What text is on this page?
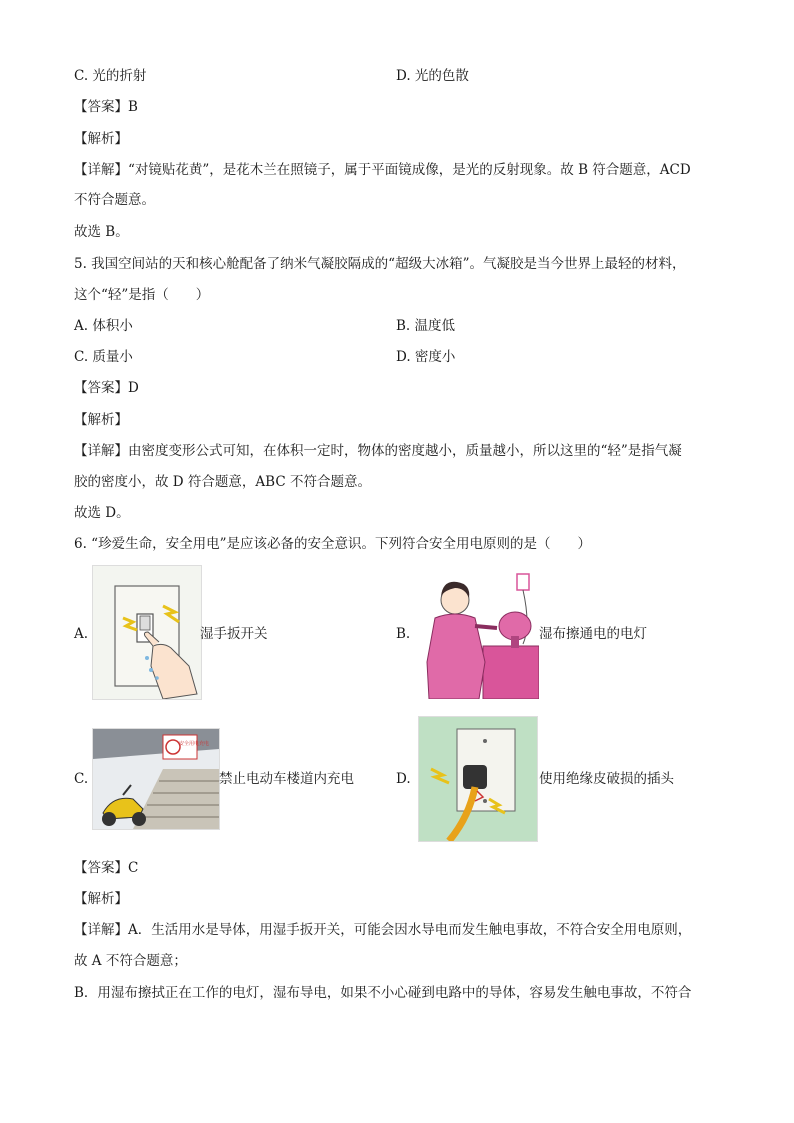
C. 光的折射	D. 光的色散
【答案】B
【解析】
【详解】“对镜贴花黄”，是花木兰在照镜子，属于平面镜成像，是光的反射现象。故 B 符合题意，ACD
不符合题意。
故选 B。
5. 我国空间站的天和核心舱配备了纳米气凝胶隔成的“超级大冰箱”。气凝胶是当今世界上最轻的材料，
这个“轻”是指（　　）
A. 体积小	B. 温度低
C. 质量小	D. 密度小
【答案】D
【解析】
【详解】由密度变形公式可知，在体积一定时，物体的密度越小，质量越小，所以这里的“轻”是指气凝
胶的密度小，故 D 符合题意，ABC 不符合题意。
故选 D。
6. “珍爱生命，安全用电”是应该必备的安全意识。下列符合安全用电原则的是（　　）
A.	湿手扳开关	B.	湿布擦通电的电灯
C.
安全用电充电
禁止电动车楼道内充电	D.	使用绝缘皮破损的插头
【答案】C
【解析】
【详解】A．生活用水是导体，用湿手扳开关，可能会因水导电而发生触电事故，不符合安全用电原则，
故 A 不符合题意；
B．用湿布擦拭正在工作的电灯，湿布导电，如果不小心碰到电路中的导体，容易发生触电事故，不符合
